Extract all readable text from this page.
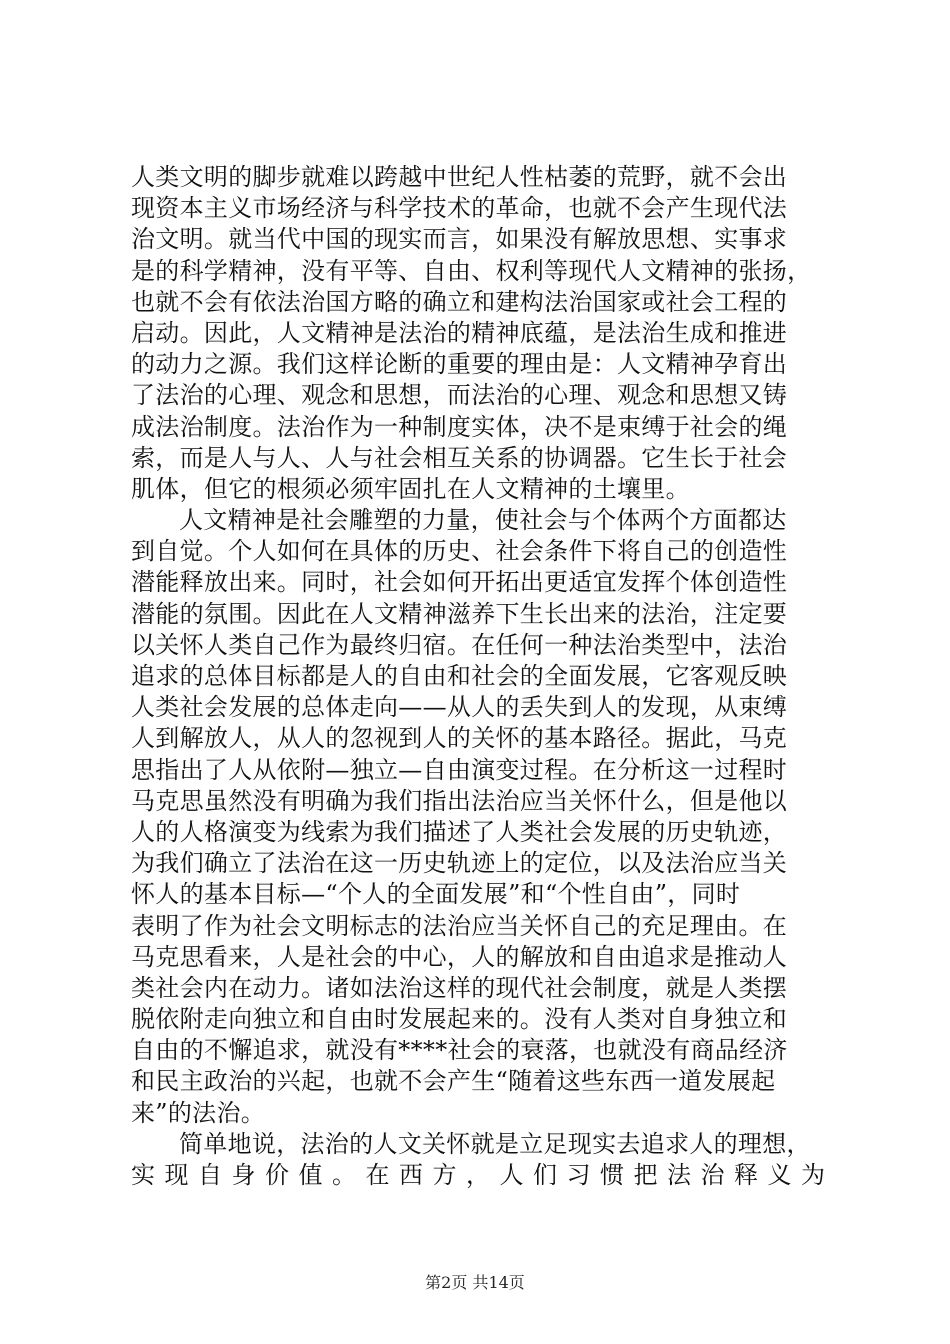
人类文明的脚步就难以跨越中世纪人性枯萎的荒野，就不会出
现资本主义市场经济与科学技术的革命，也就不会产生现代法
治文明。就当代中国的现实而言，如果没有解放思想、实事求
是的科学精神，没有平等、自由、权利等现代人文精神的张扬，
也就不会有依法治国方略的确立和建构法治国家或社会工程的
启动。因此，人文精神是法治的精神底蕴，是法治生成和推进
的动力之源。我们这样论断的重要的理由是：人文精神孕育出
了法治的心理、观念和思想，而法治的心理、观念和思想又铸
成法治制度。法治作为一种制度实体，决不是束缚于社会的绳
索，而是人与人、人与社会相互关系的协调器。它生长于社会
肌体，但它的根须必须牢固扎在人文精神的土壤里。
人文精神是社会雕塑的力量，使社会与个体两个方面都达
到自觉。个人如何在具体的历史、社会条件下将自己的创造性
潜能释放出来。同时，社会如何开拓出更适宜发挥个体创造性
潜能的氛围。因此在人文精神滋养下生长出来的法治，注定要
以关怀人类自己作为最终归宿。在任何一种法治类型中，法治
追求的总体目标都是人的自由和社会的全面发展，它客观反映
人类社会发展的总体走向——从人的丢失到人的发现，从束缚
人到解放人，从人的忽视到人的关怀的基本路径。据此，马克
思指出了人从依附—独立—自由演变过程。在分析这一过程时
马克思虽然没有明确为我们指出法治应当关怀什么，但是他以
人的人格演变为线索为我们描述了人类社会发展的历史轨迹，
为我们确立了法治在这一历史轨迹上的定位，以及法治应当关
怀人的基本目标—“个人的全面发展”和“个性自由”，同时
表明了作为社会文明标志的法治应当关怀自己的充足理由。在
马克思看来，人是社会的中心，人的解放和自由追求是推动人
类社会内在动力。诸如法治这样的现代社会制度，就是人类摆
脱依附走向独立和自由时发展起来的。没有人类对自身独立和
自由的不懈追求，就没有****社会的衰落，也就没有商品经济
和民主政治的兴起，也就不会产生“随着这些东西一道发展起
来”的法治。
简单地说，法治的人文关怀就是立足现实去追求人的理想，
实现自身价值。在西方，人们习惯把法治释义为
第2页 共14页
